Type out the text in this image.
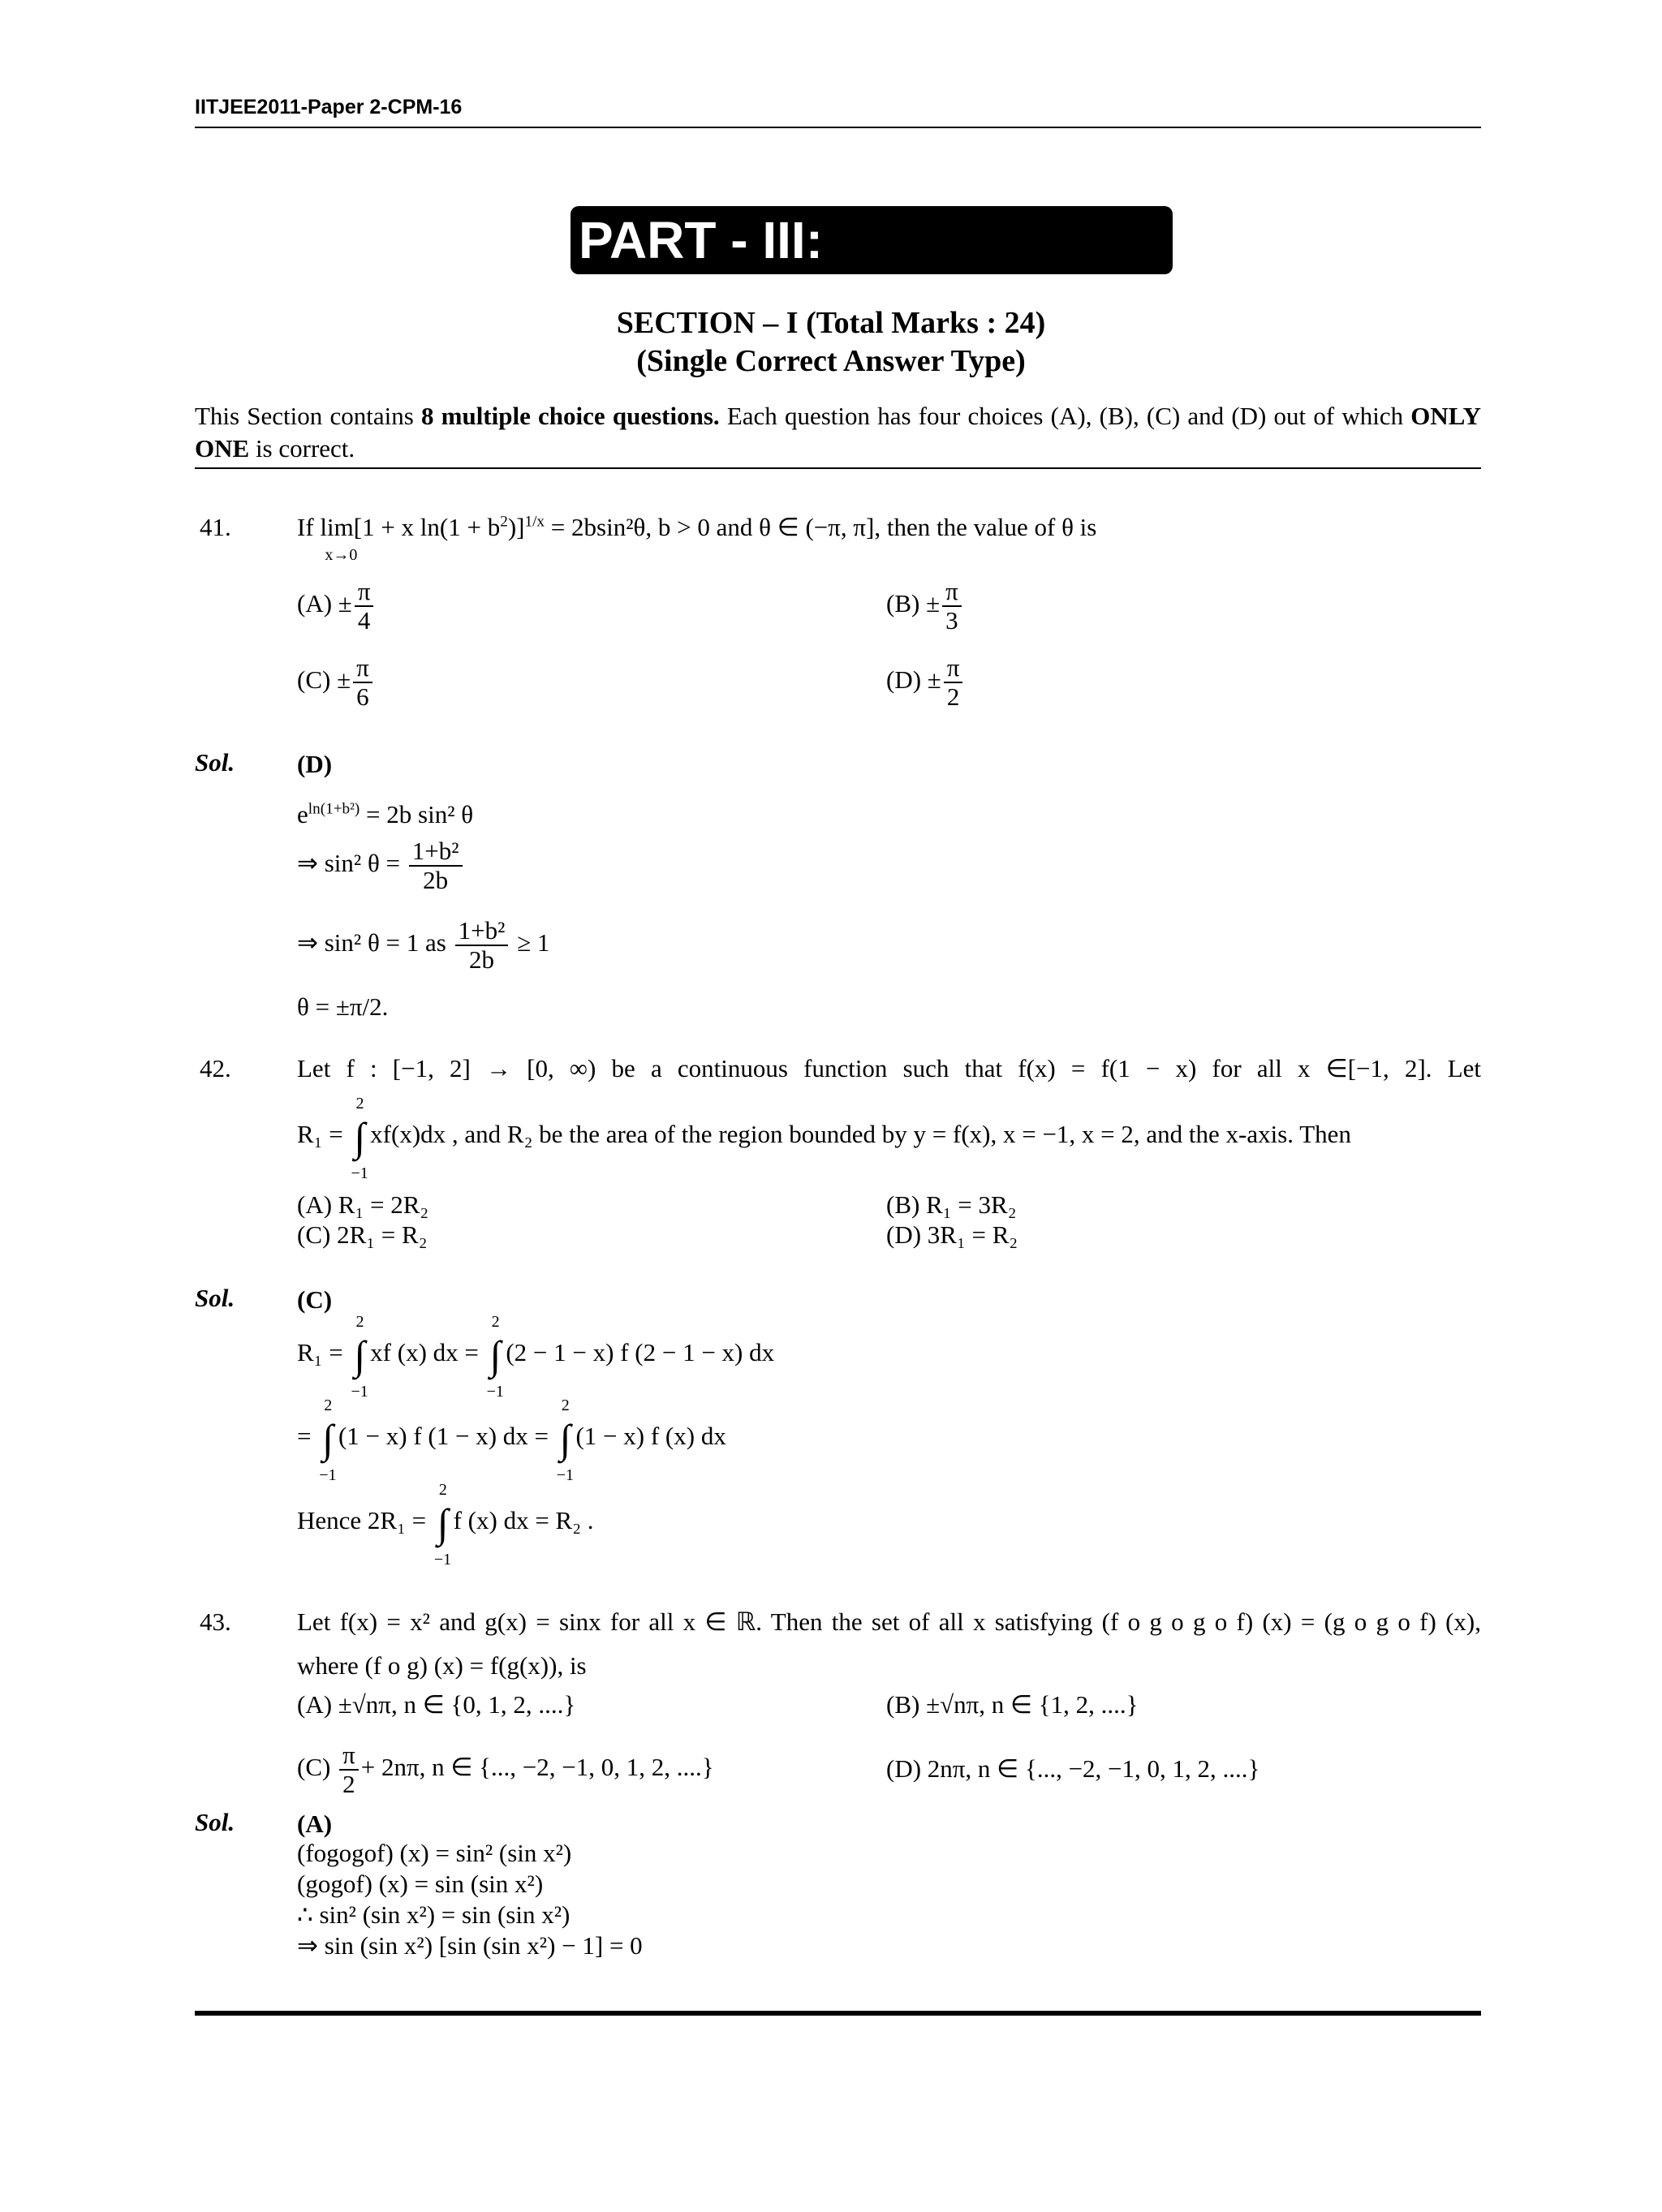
IITJEE2011-Paper 2-CPM-16
PART - III:
SECTION – I (Total Marks : 24)
(Single Correct Answer Type)
This Section contains 8 multiple choice questions. Each question has four choices (A), (B), (C) and (D) out of which ONLY ONE is correct.
41.	If lim
x→0
[1 + x $\ln(1 + b^2)]^{1/x} = 2bsin^2\theta$, b > 0 and θ ∈ (−π, π], then the value of θ is
$(A) \pm \frac{\pi}{4}$	$(B) \pm \frac{\pi}{3}$
$(C) \pm \frac{\pi}{6}$	$(D) \pm \frac{\pi}{2}$
Sol. (D)
$e^{ln(1+b^2)} = 2b$ sin² θ
⇒ sin² $\theta = \frac{\text{1+b²}}{2b}$
⇒ sin² θ = 1 as $\frac{\text{1+b²}}{2b} \ge 1$
θ = ±π/2.
42.	Let f : [−1, 2] → [0, ∞) be a continuous function such that f(x) = f(1 − x) for all x ∈[−1, 2]. Let
R₁ = ∫
2
−1
xf(x)dx , and R₂ be the area of the region bounded by y = f(x), x = −1, x = 2, and the x-axis. Then
(A) R₁ = 2R₂	(B) R₁ = 3R₂
(C) 2R₁ = R₂	(D) 3R₁ = R₂
Sol. (C)
R₁ = ∫
2
−1
xf (x) dx = ∫
2
−1
(2 − 1 − x) f (2 − 1 − x) dx
= ∫
2
−1
(1 − x) f (1 − x) dx = ∫
2
−1
(1 − x) f (x) dx
Hence 2R₁ = ∫
2
−1
f (x) dx = R₂ .
43.	Let f(x) = x² and g(x) = sinx for all x ∈ ℝ. Then the set of all x satisfying (f o g o g o f) (x) = (g o g o f) (x),
where (f o g) (x) = f(g(x)), is
(A) ±√nπ, n ∈ {0, 1, 2, ....}	(B) ±√nπ, n ∈ {1, 2, ....}
$(C) \frac{\pi}{2} + 2n\pi$, n ∈ {..., −2, −1, 0, 1, 2, ....}	(D) 2nπ, n ∈ {..., −2, −1, 0, 1, 2, ....}
Sol. (A)
(fogogof) (x) = sin² (sin x²)
(gogof) (x) = sin (sin x²)
∴ sin² (sin x²) = sin (sin x²)
⇒ sin (sin x²) [sin (sin x²) − 1] = 0
